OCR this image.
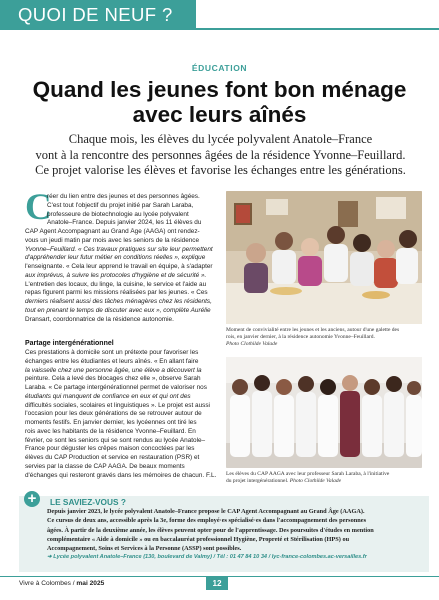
QUOI DE NEUF ?
ÉDUCATION
Quand les jeunes font bon ménage
avec leurs aînés
Chaque mois, les élèves du lycée polyvalent Anatole–France
vont à la rencontre des personnes âgées de la résidence Yvonne–Feuillard.
Ce projet valorise les élèves et favorise les échanges entre les générations.
C
réer du lien entre des jeunes et des personnes âgées.
C'est tout l'objectif du projet initié par Sarah Laraba,
professeure de biotechnologie au lycée polyvalent
Anatole–France. Depuis janvier 2024, les 11 élèves du
CAP Agent Accompagnant au Grand Âge (AAGA) ont rendez-
vous un jeudi matin par mois avec les seniors de la résidence
Yvonne–Feuillard. « Ces travaux pratiques sur site leur permettent
d'appréhender leur futur métier en conditions réelles », explique
l'enseignante. « Cela leur apprend le travail en équipe, à s'adapter
aux imprévus, à suivre les protocoles d'hygiène et de sécurité ».
L'entretien des locaux, du linge, la cuisine, le service et l'aide au
repas figurent parmi les missions réalisées par les jeunes. « Ces
derniers réalisent aussi des tâches ménagères chez les résidents,
tout en prenant le temps de discuter avec eux », complète Aurélie
Dransart, coordonnatrice de la résidence autonomie.
Partage intergénérationnel
Ces prestations à domicile sont un prétexte pour favoriser les
échanges entre les étudiantes et leurs aînés. « En allant faire
la vaisselle chez une personne âgée, une élève a découvert la
peinture. Cela a levé des blocages chez elle », observe Sarah
Laraba. « Ce partage intergénérationnel permet de valoriser nos
étudiants qui manquent de confiance en eux et qui ont des
difficultés sociales, scolaires et linguistiques ». Le projet est aussi
l'occasion pour les deux générations de se retrouver autour de
moments festifs. En janvier dernier, les lycéennes ont tiré les
rois avec les habitants de la résidence Yvonne–Feuillard. En
février, ce sont les seniors qui se sont rendus au lycée Anatole–
France pour déguster les crêpes maison concoctées par les
élèves du CAP Production et service en restauration (PSR) et
servies par la classe de CAP AAGA. De beaux moments
d'échanges qui resteront gravés dans les mémoires de chacun. F.L.
Moment de convivialité entre les jeunes et les anciens, autour d'une galette des
rois, en janvier dernier, à la résidence autonomie Yvonne–Feuillard.
Photo Clothilde Valade
Les élèves du CAP AAGA avec leur professeur Sarah Laraba, à l'initiative
du projet intergénérationnel. Photo Clothilde Valade
+	LE SAVIEZ-VOUS ?
Depuis janvier 2023, le lycée polyvalent Anatole–France propose le CAP Agent Accompagnant au Grand Âge (AAGA).
Ce cursus de deux ans, accessible après la 3e, forme des employé·es spécialisé·es dans l'accompagnement des personnes
âgées. À partir de la deuxième année, les élèves peuvent opter pour de l'apprentissage. Des poursuites d'études en mention
complémentaire « Aide à domicile » ou en baccalauréat professionnel Hygiène, Propreté et Stérilisation (HPS) ou
Accompagnement, Soins et Services à la Personne (ASSP) sont possibles.
➜ Lycée polyvalent Anatole–France (130, boulevard de Valmy) / Tél : 01 47 84 10 34 / lyc-france-colombes.ac-versailles.fr
Vivre à Colombes / mai 2025	12
